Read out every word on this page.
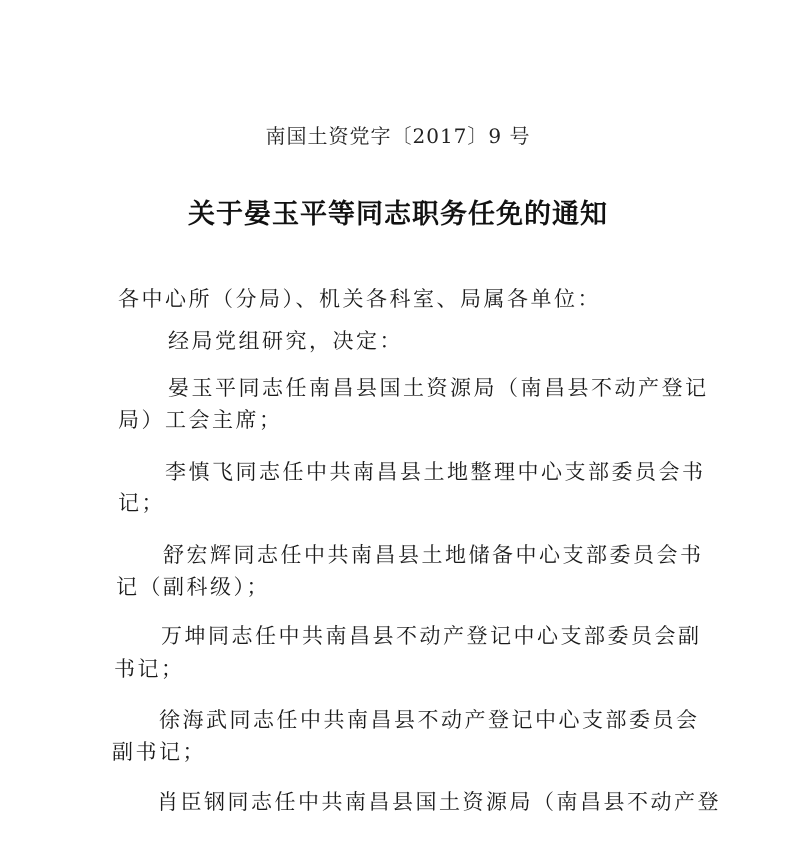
南国土资党字〔2017〕9 号
关于晏玉平等同志职务任免的通知
各中心所（分局）、机关各科室、局属各单位：
经局党组研究，决定：
晏玉平同志任南昌县国土资源局（南昌县不动产登记
局）工会主席；
李慎飞同志任中共南昌县土地整理中心支部委员会书
记；
舒宏辉同志任中共南昌县土地储备中心支部委员会书
记（副科级）；
万坤同志任中共南昌县不动产登记中心支部委员会副
书记；
徐海武同志任中共南昌县不动产登记中心支部委员会
副书记；
肖臣钢同志任中共南昌县国土资源局（南昌县不动产登
